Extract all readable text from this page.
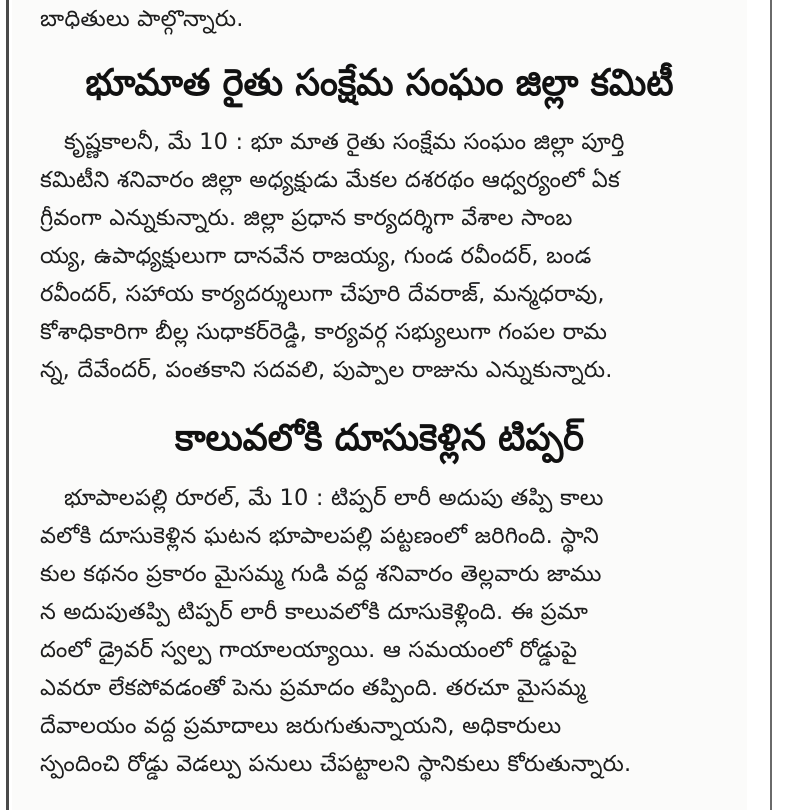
బాధితులు పాల్గొన్నారు.
భూమాత రైతు సంక్షేమ సంఘం జిల్లా కమిటీ
కృష్ణకాలనీ, మే 10 : భూ మాత రైతు సంక్షేమ సంఘం జిల్లా పూర్తి
కమిటీని శనివారం జిల్లా అధ్యక్షుడు మేకల దశరథం ఆధ్వర్యంలో ఏక
గ్రీవంగా ఎన్నుకున్నారు. జిల్లా ప్రధాన కార్యదర్శిగా వేశాల సాంబ
య్య, ఉపాధ్యక్షులుగా దానవేన రాజయ్య, గుండ రవీందర్, బండ
రవీందర్, సహాయ కార్యదర్శులుగా చేపూరి దేవరాజ్, మన్మధరావు,
కోశాధికారిగా బీల్ల సుధాకర్‌రెడ్డి, కార్యవర్గ సభ్యులుగా గంపల రామ
న్న, దేవేందర్, పంతకాని సదవలి, పుప్పాల రాజును ఎన్నుకున్నారు.
కాలువలోకి దూసుకెళ్లిన టిప్పర్
భూపాలపల్లి రూరల్, మే 10 : టిప్పర్ లారీ అదుపు తప్పి కాలు
వలోకి దూసుకెళ్లిన ఘటన భూపాలపల్లి పట్టణంలో జరిగింది. స్థాని
కుల కథనం ప్రకారం మైసమ్మ గుడి వద్ద శనివారం తెల్లవారు జాము
న అదుపుతప్పి టిప్పర్ లారీ కాలువలోకి దూసుకెళ్లింది. ఈ ప్రమా
దంలో డ్రైవర్ స్వల్ప గాయాలయ్యాయి. ఆ సమయంలో రోడ్డుపై
ఎవరూ లేకపోవడంతో పెను ప్రమాదం తప్పింది. తరచూ మైసమ్మ
దేవాలయం వద్ద ప్రమాదాలు జరుగుతున్నాయని, అధికారులు
స్పందించి రోడ్డు వెడల్పు పనులు చేపట్టాలని స్థానికులు కోరుతున్నారు.
